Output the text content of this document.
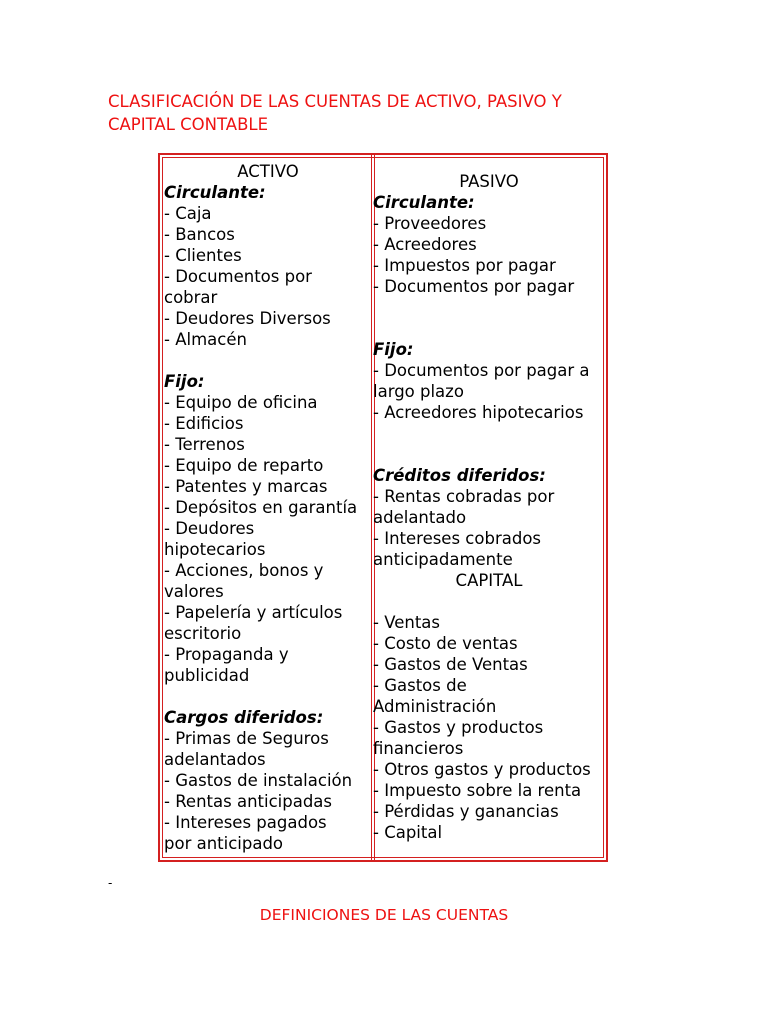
CLASIFICACIÓN DE LAS CUENTAS DE ACTIVO, PASIVO Y
CAPITAL CONTABLE
ACTIVO
Circulante:
- Caja
- Bancos
- Clientes
- Documentos por
cobrar
- Deudores Diversos
- Almacén
Fijo:
- Equipo de oficina
- Edificios
- Terrenos
- Equipo de reparto
- Patentes y marcas
- Depósitos en garantía
- Deudores
hipotecarios
- Acciones, bonos y
valores
- Papelería y artículos
escritorio
- Propaganda y
publicidad
Cargos diferidos:
- Primas de Seguros
adelantados
- Gastos de instalación
- Rentas anticipadas
- Intereses pagados
por anticipado
PASIVO
Circulante:
- Proveedores
- Acreedores
- Impuestos por pagar
- Documentos por pagar
Fijo:
- Documentos por pagar a
largo plazo
- Acreedores hipotecarios
Créditos diferidos:
- Rentas cobradas por
adelantado
- Intereses cobrados
anticipadamente
CAPITAL
- Ventas
- Costo de ventas
- Gastos de Ventas
- Gastos de
Administración
- Gastos y productos
financieros
- Otros gastos y productos
- Impuesto sobre la renta
- Pérdidas y ganancias
- Capital
-
DEFINICIONES DE LAS CUENTAS
